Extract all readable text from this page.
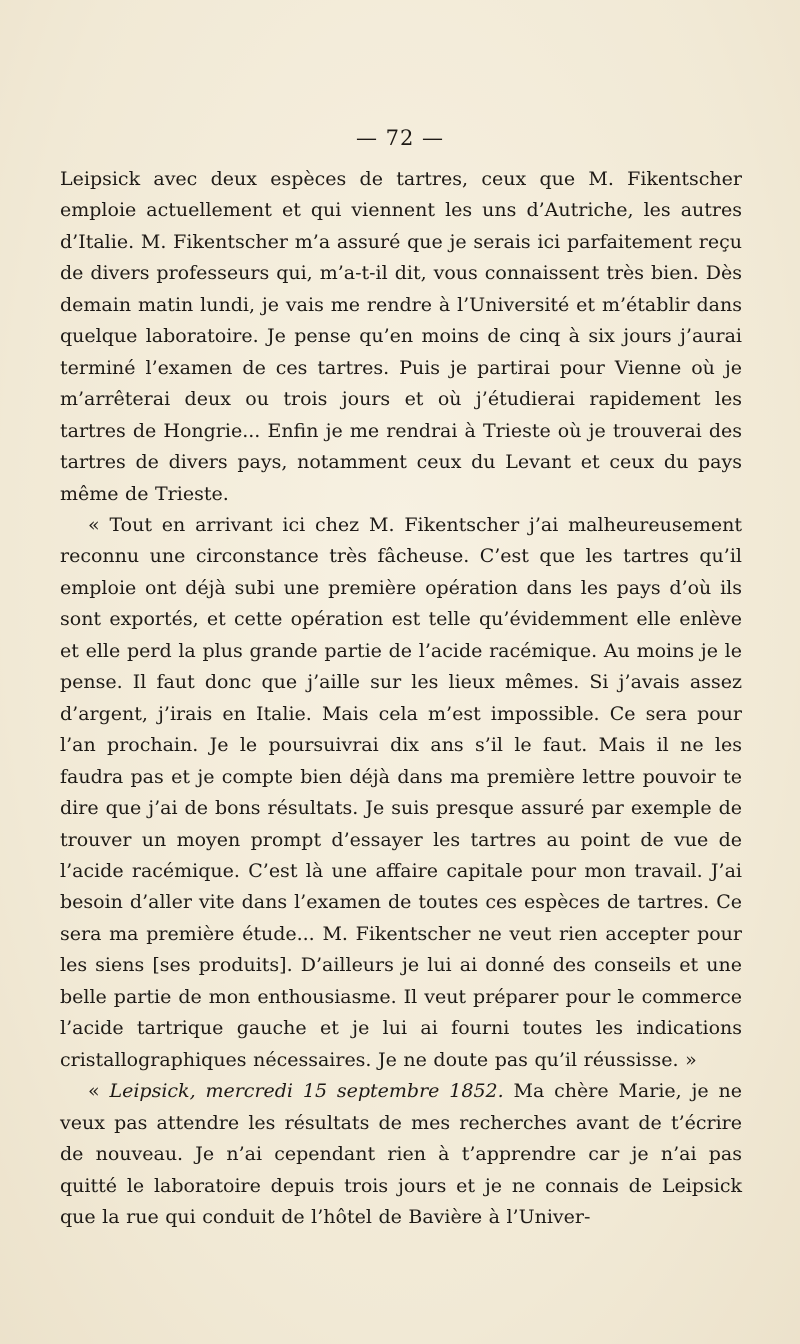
— 72 —

Leipsick avec deux espèces de tartres, ceux que M. Fikentscher emploie actuellement et qui viennent les uns d’Autriche, les autres d’Italie. M. Fikentscher m’a assuré que je serais ici parfaitement reçu de divers professeurs qui, m’a-t-il dit, vous connaissent très bien. Dès demain matin lundi, je vais me rendre à l’Université et m’établir dans quelque laboratoire. Je pense qu’en moins de cinq à six jours j’aurai terminé l’examen de ces tartres. Puis je partirai pour Vienne où je m’arrêterai deux ou trois jours et où j’étudierai rapidement les tartres de Hongrie... Enfin je me rendrai à Trieste où je trouverai des tartres de divers pays, notamment ceux du Levant et ceux du pays même de Trieste.

« Tout en arrivant ici chez M. Fikentscher j’ai malheureusement reconnu une circonstance très fâcheuse. C’est que les tartres qu’il emploie ont déjà subi une première opération dans les pays d’où ils sont exportés, et cette opération est telle qu’évidemment elle enlève et elle perd la plus grande partie de l’acide racémique. Au moins je le pense. Il faut donc que j’aille sur les lieux mêmes. Si j’avais assez d’argent, j’irais en Italie. Mais cela m’est impossible. Ce sera pour l’an prochain. Je le poursuivrai dix ans s’il le faut. Mais il ne les faudra pas et je compte bien déjà dans ma première lettre pouvoir te dire que j’ai de bons résultats. Je suis presque assuré par exemple de trouver un moyen prompt d’essayer les tartres au point de vue de l’acide racémique. C’est là une affaire capitale pour mon travail. J’ai besoin d’aller vite dans l’examen de toutes ces espèces de tartres. Ce sera ma première étude... M. Fikentscher ne veut rien accepter pour les siens [ses produits]. D’ailleurs je lui ai donné des conseils et une belle partie de mon enthousiasme. Il veut préparer pour le commerce l’acide tartrique gauche et je lui ai fourni toutes les indications cristallographiques nécessaires. Je ne doute pas qu’il réussisse. »

« Leipsick, mercredi 15 septembre 1852. Ma chère Marie, je ne veux pas attendre les résultats de mes recherches avant de t’écrire de nouveau. Je n’ai cependant rien à t’apprendre car je n’ai pas quitté le laboratoire depuis trois jours et je ne connais de Leipsick que la rue qui conduit de l’hôtel de Bavière à l’Univer-
